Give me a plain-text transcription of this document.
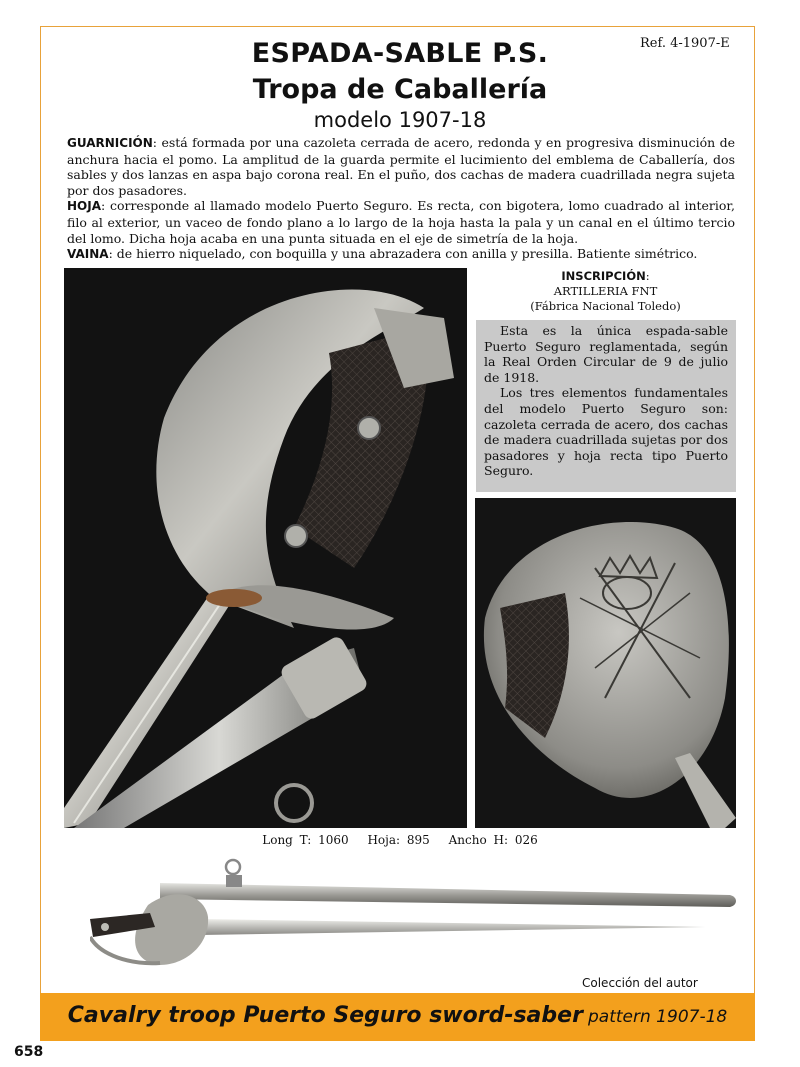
Ref. 4-1907-E
ESPADA-SABLE P.S.
Tropa de Caballería
modelo 1907-18

GUARNICIÓN: está formada por una cazoleta cerrada de acero, redonda y en progresiva disminución de anchura hacia el pomo. La amplitud de la guarda permite el lucimiento del emblema de Caballería, dos sables y dos lanzas en aspa bajo corona real. En el puño, dos cachas de madera cuadrillada negra sujeta por dos pasadores.

HOJA: corresponde al llamado modelo Puerto Seguro. Es recta, con bigotera, lomo cuadrado al interior, filo al exterior, un vaceo de fondo plano a lo largo de la hoja hasta la pala y un canal en el último tercio del lomo. Dicha hoja acaba en una punta situada en el eje de simetría de la hoja.

VAINA: de hierro niquelado, con boquilla y una abrazadera con anilla y presilla. Batiente simétrico.

INSCRIPCIÓN:
ARTILLERIA FNT
(Fábrica Nacional Toledo)

Esta es la única espada-sable Puerto Seguro reglamentada, según la Real Orden Circular de 9 de julio de 1918.

Los tres elementos fundamentales del modelo Puerto Seguro son: cazoleta cerrada de acero, dos cachas de madera cuadrillada sujetas por dos pasadores y hoja recta tipo Puerto Seguro.

Long T: 1060 Hoja: 895 Ancho H: 026
Colección del autor
Cavalry troop Puerto Seguro sword-saber pattern 1907-18
658
